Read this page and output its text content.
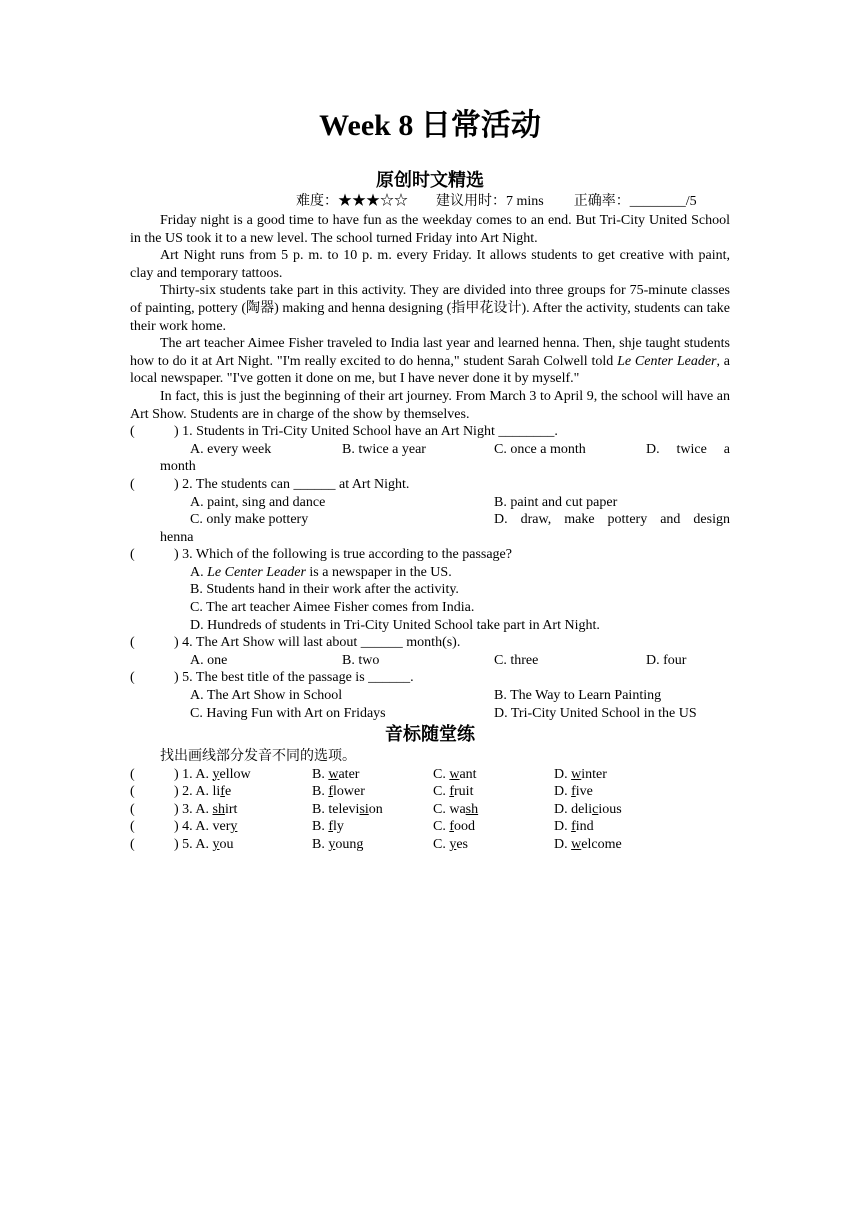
Week 8 日常活动
原创时文精选
难度：★★★☆☆ 建议用时：7 mins 正确率：________/5

Friday night is a good time to have fun as the weekday comes to an end. But Tri-City United School in the US took it to a new level. The school turned Friday into Art Night.

Art Night runs from 5 p. m. to 10 p. m. every Friday. It allows students to get creative with paint, clay and temporary tattoos.

Thirty-six students take part in this activity. They are divided into three groups for 75-minute classes of painting, pottery (陶器) making and henna designing (指甲花设计). After the activity, students can take their work home.

The art teacher Aimee Fisher traveled to India last year and learned henna. Then, shje taught students how to do it at Art Night. "I'm really excited to do henna," student Sarah Colwell told Le Center Leader, a local newspaper. "I've gotten it done on me, but I have never done it by myself."

In fact, this is just the beginning of their art journey. From March 3 to April 9, the school will have an Art Show. Students are in charge of the show by themselves.

(	) 1. Students in Tri-City United School have an Art Night ________.
A. every week	B. twice a year	C. once a month	D. twice a

month

(	) 2. The students can ______ at Art Night.
A. paint, sing and dance	B. paint and cut paper
C. only make pottery	D. draw, make pottery and design

henna

(	) 3. Which of the following is true according to the passage?
A. Le Center Leader is a newspaper in the US.
B. Students hand in their work after the activity.
C. The art teacher Aimee Fisher comes from India.
D. Hundreds of students in Tri-City United School take part in Art Night.
(	) 4. The Art Show will last about ______ month(s).
A. one	B. two	C. three	D. four
(	) 5. The best title of the passage is ______.
A. The Art Show in School	B. The Way to Learn Painting
C. Having Fun with Art on Fridays	D. Tri-City United School in the US
音标随堂练

找出画线部分发音不同的选项。

(	) 1. A. yellow	B. water	C. want	D. winter
(	) 2. A. life	B. flower	C. fruit	D. five
(	) 3. A. shirt	B. television	C. wash	D. delicious
(	) 4. A. very	B. fly	C. food	D. find
(	) 5. A. you	B. young	C. yes	D. welcome
